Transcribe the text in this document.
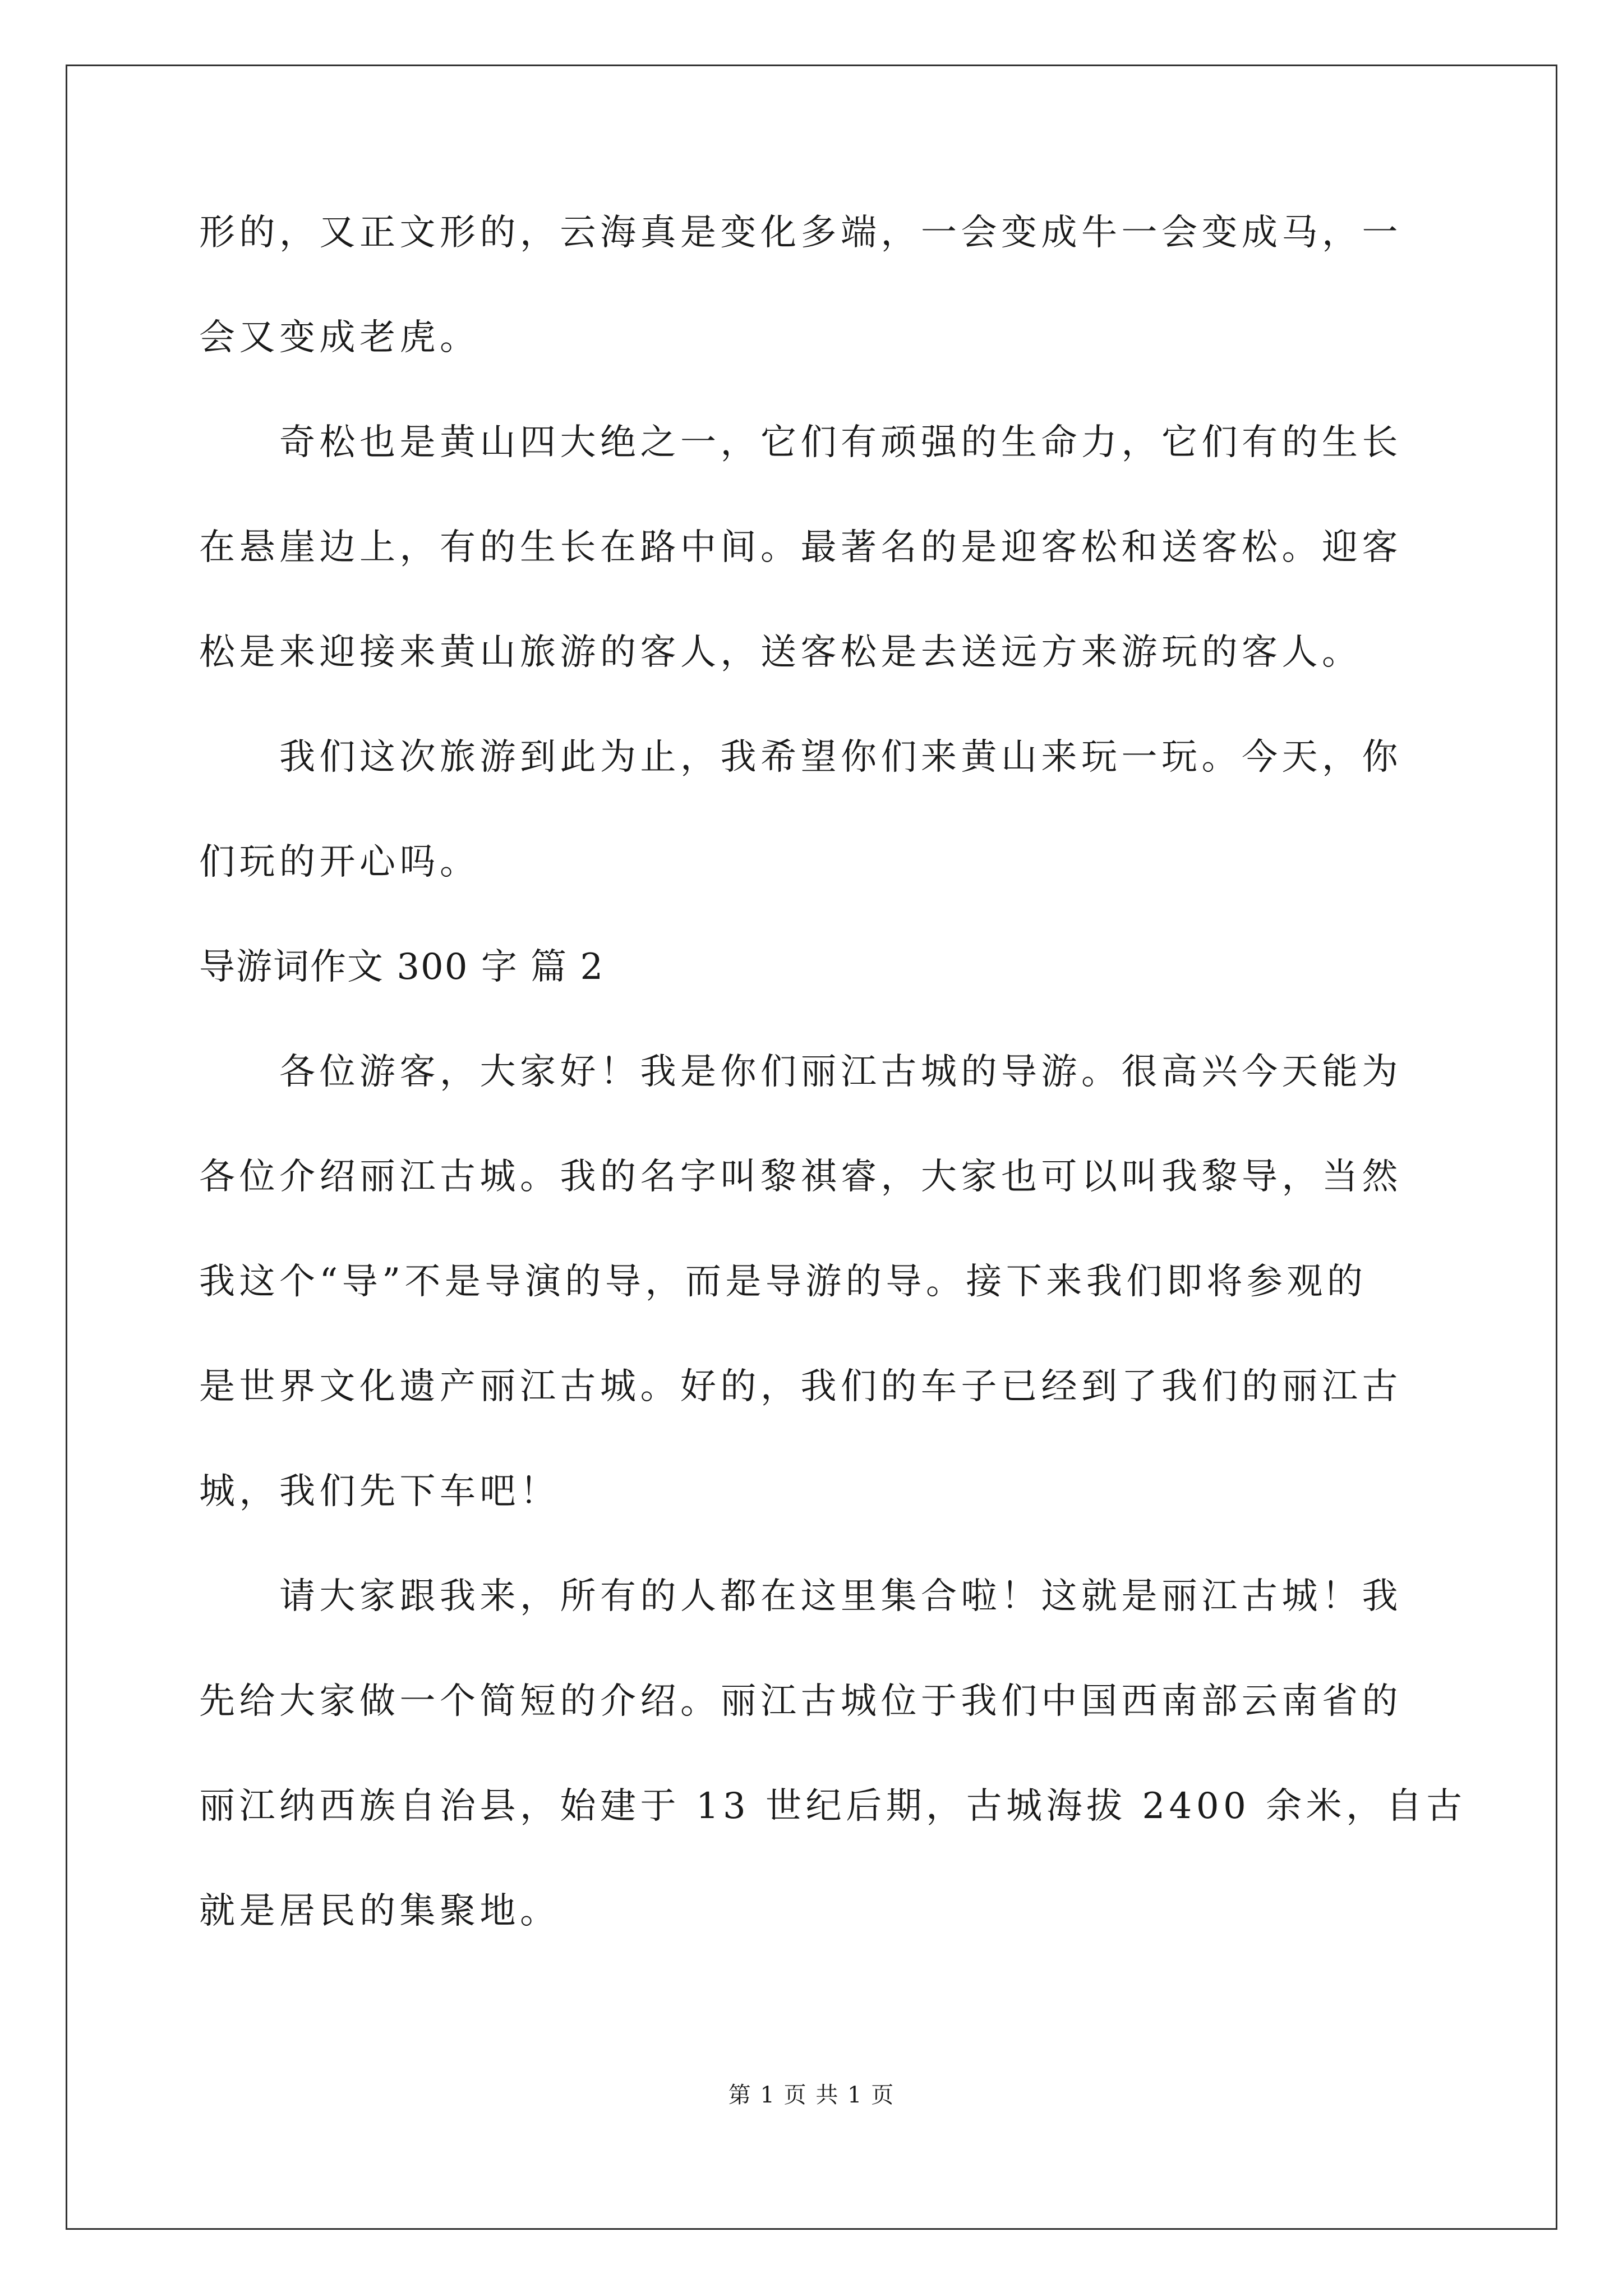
形的，又正文形的，云海真是变化多端，一会变成牛一会变成马，一
会又变成老虎。
奇松也是黄山四大绝之一，它们有顽强的生命力，它们有的生长
在悬崖边上，有的生长在路中间。最著名的是迎客松和送客松。迎客
松是来迎接来黄山旅游的客人，送客松是去送远方来游玩的客人。
我们这次旅游到此为止，我希望你们来黄山来玩一玩。今天，你
们玩的开心吗。
导游词作文 300 字 篇 2
各位游客，大家好！我是你们丽江古城的导游。很高兴今天能为
各位介绍丽江古城。我的名字叫黎祺睿，大家也可以叫我黎导，当然
我这个“导”不是导演的导，而是导游的导。接下来我们即将参观的
是世界文化遗产丽江古城。好的，我们的车子已经到了我们的丽江古
城，我们先下车吧！
请大家跟我来，所有的人都在这里集合啦！这就是丽江古城！我
先给大家做一个简短的介绍。丽江古城位于我们中国西南部云南省的
丽江纳西族自治县，始建于 13 世纪后期，古城海拔 2400 余米，自古
就是居民的集聚地。
第 1 页 共 1 页
